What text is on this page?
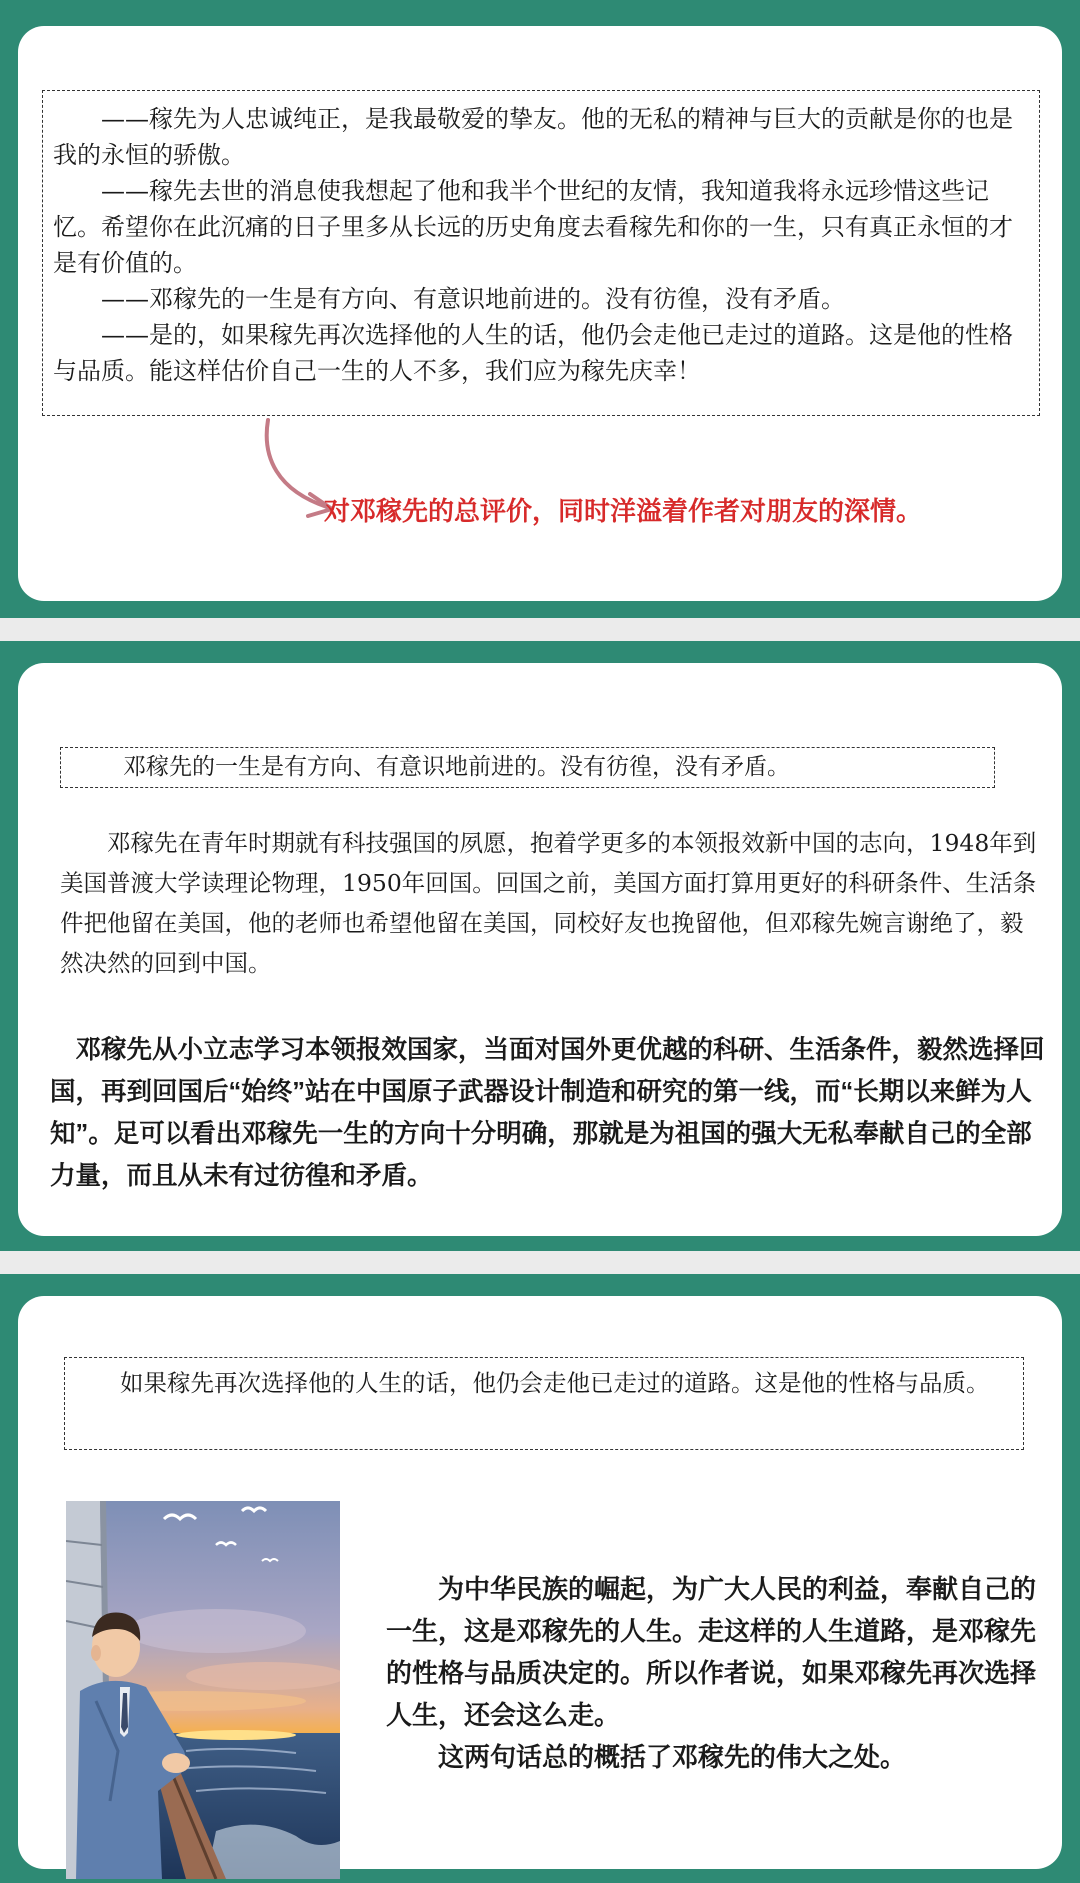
——稼先为人忠诚纯正，是我最敬爱的挚友。他的无私的精神与巨大的贡献是你的也是我的永恒的骄傲。

——稼先去世的消息使我想起了他和我半个世纪的友情，我知道我将永远珍惜这些记忆。希望你在此沉痛的日子里多从长远的历史角度去看稼先和你的一生，只有真正永恒的才是有价值的。

——邓稼先的一生是有方向、有意识地前进的。没有彷徨，没有矛盾。

——是的，如果稼先再次选择他的人生的话，他仍会走他已走过的道路。这是他的性格与品质。能这样估价自己一生的人不多，我们应为稼先庆幸！

对邓稼先的总评价，同时洋溢着作者对朋友的深情。
邓稼先的一生是有方向、有意识地前进的。没有彷徨，没有矛盾。

邓稼先在青年时期就有科技强国的夙愿，抱着学更多的本领报效新中国的志向，1948年到美国普渡大学读理论物理，1950年回国。回国之前，美国方面打算用更好的科研条件、生活条件把他留在美国，他的老师也希望他留在美国，同校好友也挽留他，但邓稼先婉言谢绝了，毅然决然的回到中国。

邓稼先从小立志学习本领报效国家，当面对国外更优越的科研、生活条件，毅然选择回国，再到回国后“始终”站在中国原子武器设计制造和研究的第一线，而“长期以来鲜为人知”。足可以看出邓稼先一生的方向十分明确，那就是为祖国的强大无私奉献自己的全部力量，而且从未有过彷徨和矛盾。

如果稼先再次选择他的人生的话，他仍会走他已走过的道路。这是他的性格与品质。

为中华民族的崛起，为广大人民的利益，奉献自己的一生，这是邓稼先的人生。走这样的人生道路，是邓稼先的性格与品质决定的。所以作者说，如果邓稼先再次选择人生，还会这么走。

这两句话总的概括了邓稼先的伟大之处。
